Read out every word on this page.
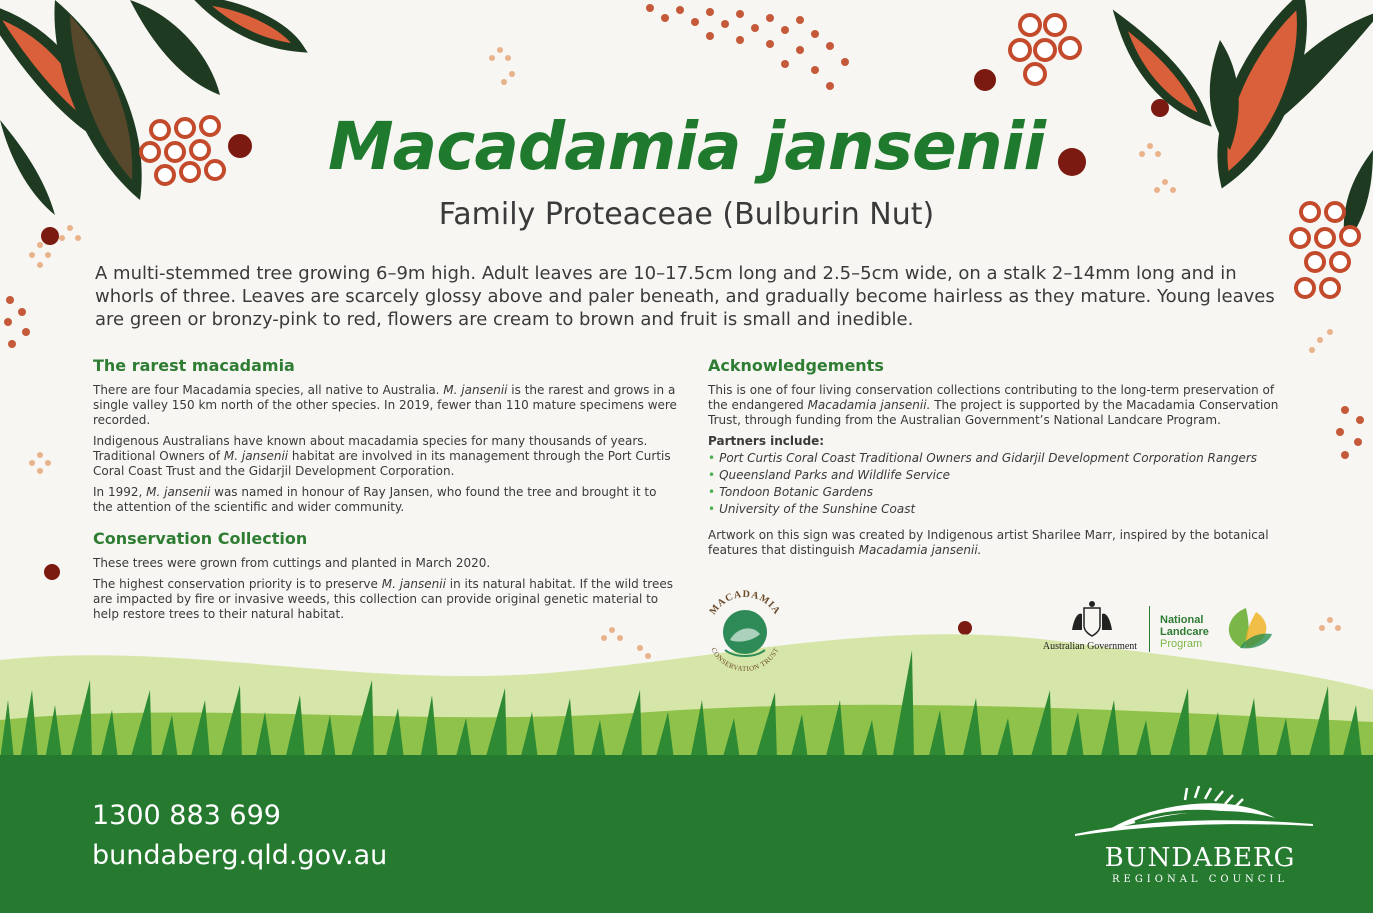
Macadamia jansenii
Family Proteaceae (Bulburin Nut)

A multi-stemmed tree growing 6–9m high. Adult leaves are 10–17.5cm long and 2.5–5cm wide, on a stalk 2–14mm long and in whorls of three. Leaves are scarcely glossy above and paler beneath, and gradually become hairless as they mature. Young leaves are green or bronzy-pink to red, flowers are cream to brown and fruit is small and inedible.

The rarest macadamia

There are four Macadamia species, all native to Australia. M. jansenii is the rarest and grows in a single valley 150 km north of the other species. In 2019, fewer than 110 mature specimens were recorded.

Indigenous Australians have known about macadamia species for many thousands of years. Traditional Owners of M. jansenii habitat are involved in its management through the Port Curtis Coral Coast Trust and the Gidarjil Development Corporation.

In 1992, M. jansenii was named in honour of Ray Jansen, who found the tree and brought it to the attention of the scientific and wider community.

Conservation Collection

These trees were grown from cuttings and planted in March 2020.

The highest conservation priority is to preserve M. jansenii in its natural habitat. If the wild trees are impacted by fire or invasive weeds, this collection can provide original genetic material to help restore trees to their natural habitat.

Acknowledgements

This is one of four living conservation collections contributing to the long-term preservation of the endangered Macadamia jansenii. The project is supported by the Macadamia Conservation Trust, through funding from the Australian Government’s National Landcare Program.

Partners include:
• Port Curtis Coral Coast Traditional Owners and Gidarjil Development Corporation Rangers
• Queensland Parks and Wildlife Service
• Tondoon Botanic Gardens
• University of the Sunshine Coast

Artwork on this sign was created by Indigenous artist Sharilee Marr, inspired by the botanical features that distinguish Macadamia jansenii.

MACADAMIA
CONSERVATION TRUST	Australian Government
National
Landcare
Program
1300 883 699
bundaberg.qld.gov.au	BUNDABERG
REGIONAL COUNCIL
